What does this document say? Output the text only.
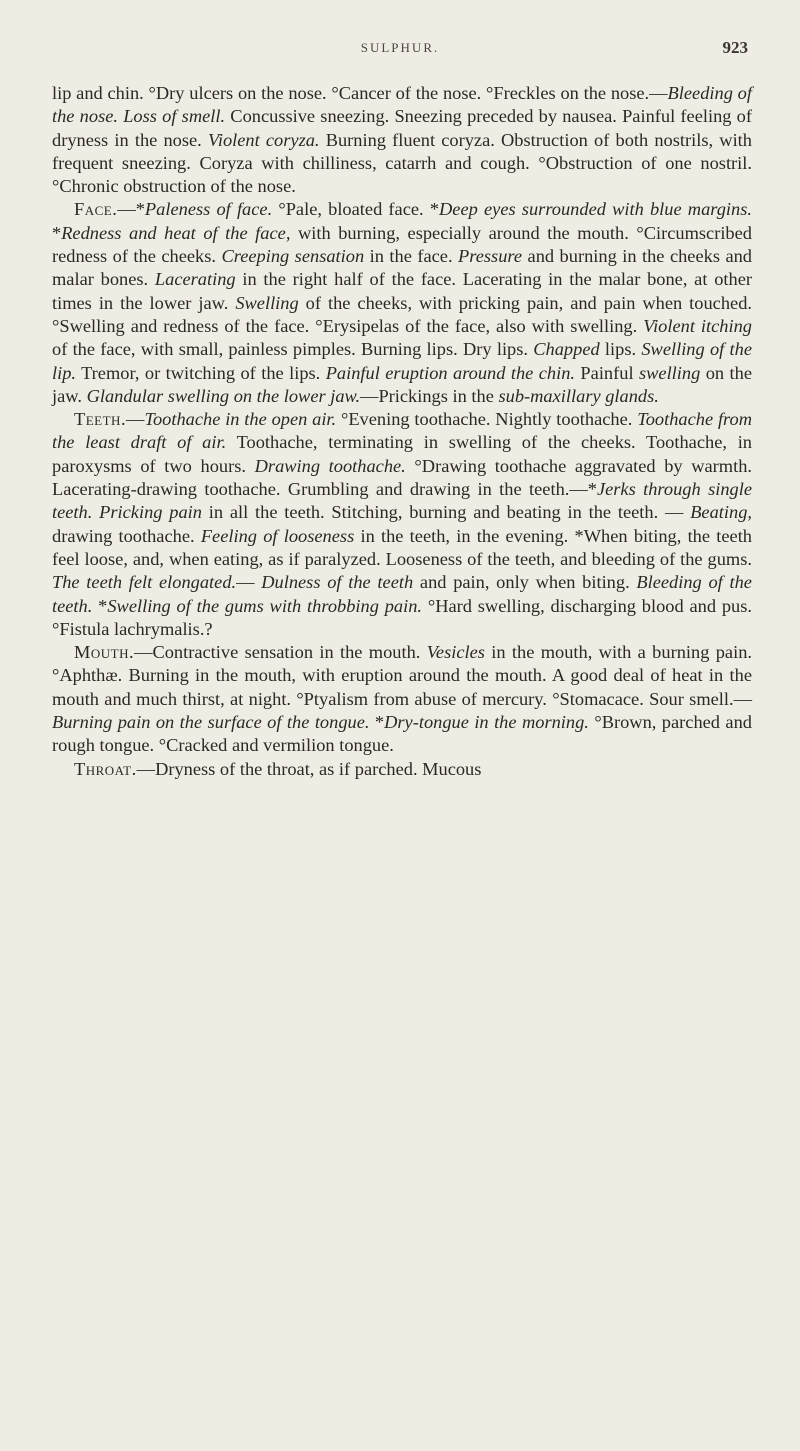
SULPHUR.	923

lip and chin. °Dry ulcers on the nose. °Cancer of the nose. °Freckles on the nose.—Bleeding of the nose. Loss of smell. Concussive sneezing. Sneezing preceded by nausea. Painful feeling of dryness in the nose. Violent coryza. Burning fluent coryza. Obstruction of both nostrils, with frequent sneezing. Coryza with chilliness, catarrh and cough. °Obstruction of one nostril. °Chronic obstruction of the nose.

Face.—*Paleness of face. °Pale, bloated face. *Deep eyes surrounded with blue margins. *Redness and heat of the face, with burning, especially around the mouth. °Circumscribed redness of the cheeks. Creeping sensation in the face. Pressure and burning in the cheeks and malar bones. Lacerating in the right half of the face. Lacerating in the malar bone, at other times in the lower jaw. Swelling of the cheeks, with pricking pain, and pain when touched. °Swelling and redness of the face. °Erysipelas of the face, also with swelling. Violent itching of the face, with small, painless pimples. Burning lips. Dry lips. Chapped lips. Swelling of the lip. Tremor, or twitching of the lips. Painful eruption around the chin. Painful swelling on the jaw. Glandular swelling on the lower jaw.—Prickings in the sub-maxillary glands.

Teeth.—Toothache in the open air. °Evening toothache. Nightly toothache. Toothache from the least draft of air. Toothache, terminating in swelling of the cheeks. Toothache, in paroxysms of two hours. Drawing toothache. °Drawing toothache aggravated by warmth. Lacerating-drawing toothache. Grumbling and drawing in the teeth.—*Jerks through single teeth. Pricking pain in all the teeth. Stitching, burning and beating in the teeth. — Beating, drawing toothache. Feeling of looseness in the teeth, in the evening. *When biting, the teeth feel loose, and, when eating, as if paralyzed. Looseness of the teeth, and bleeding of the gums. The teeth felt elongated.— Dulness of the teeth and pain, only when biting. Bleeding of the teeth. *Swelling of the gums with throbbing pain. °Hard swelling, discharging blood and pus. °Fistula lachrymalis.?

Mouth.—Contractive sensation in the mouth. Vesicles in the mouth, with a burning pain. °Aphthæ. Burning in the mouth, with eruption around the mouth. A good deal of heat in the mouth and much thirst, at night. °Ptyalism from abuse of mercury. °Stomacace. Sour smell.—Burning pain on the surface of the tongue. *Dry-tongue in the morning. °Brown, parched and rough tongue. °Cracked and vermilion tongue.

Throat.—Dryness of the throat, as if parched. Mucous
